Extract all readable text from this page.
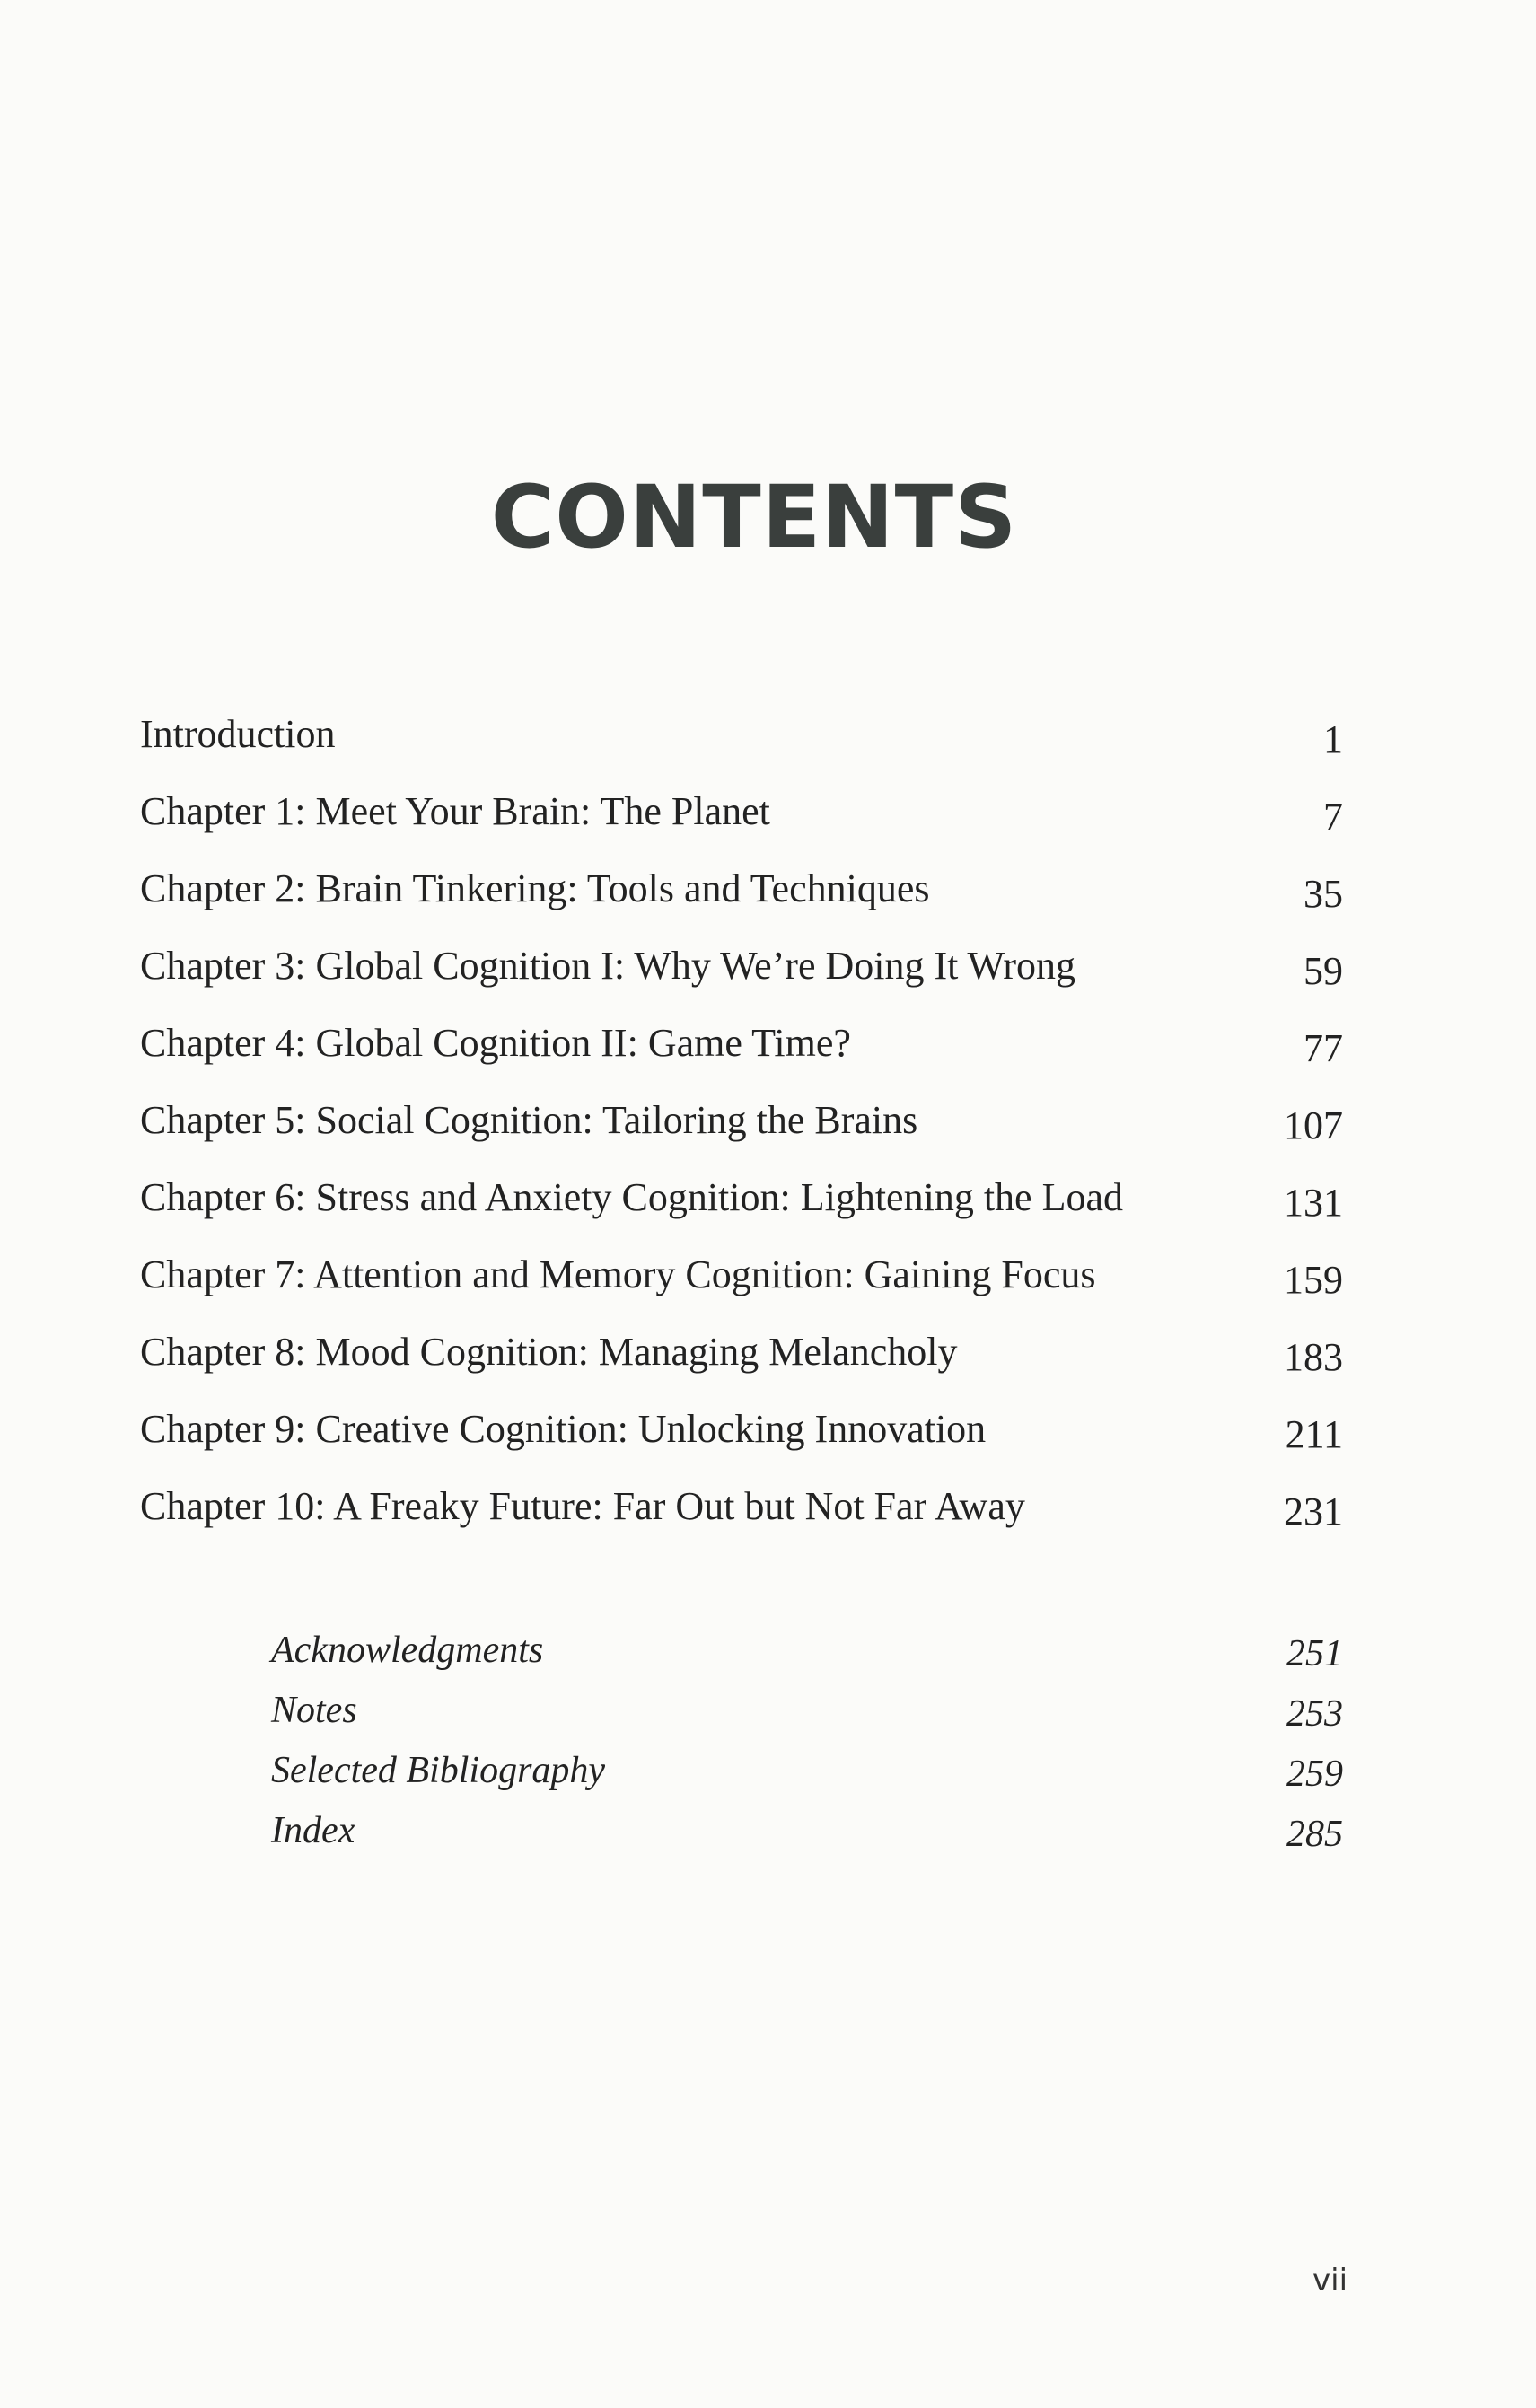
CONTENTS
Introduction	1
Chapter 1: Meet Your Brain: The Planet	7
Chapter 2: Brain Tinkering: Tools and Techniques	35
Chapter 3: Global Cognition I: Why We’re Doing It Wrong	59
Chapter 4: Global Cognition II: Game Time?	77
Chapter 5: Social Cognition: Tailoring the Brains	107
Chapter 6: Stress and Anxiety Cognition: Lightening the Load	131
Chapter 7: Attention and Memory Cognition: Gaining Focus	159
Chapter 8: Mood Cognition: Managing Melancholy	183
Chapter 9: Creative Cognition: Unlocking Innovation	211
Chapter 10: A Freaky Future: Far Out but Not Far Away	231
Acknowledgments	251
Notes	253
Selected Bibliography	259
Index	285
vii
